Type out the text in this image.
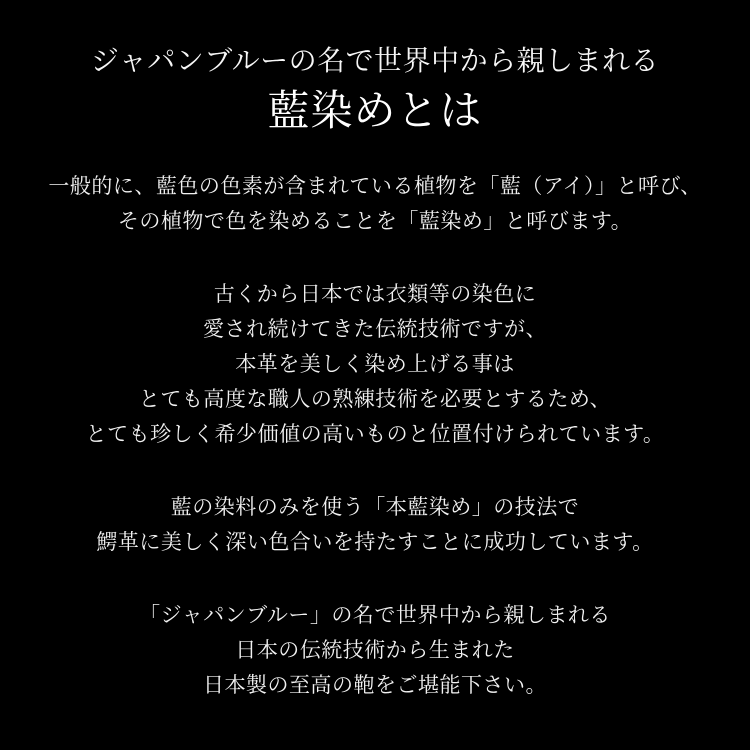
ジャパンブルーの名で世界中から親しまれる
藍染めとは
一般的に、藍色の色素が含まれている植物を「藍（アイ）」と呼び、
その植物で色を染めることを「藍染め」と呼びます。
古くから日本では衣類等の染色に
愛され続けてきた伝統技術ですが、
本革を美しく染め上げる事は
とても高度な職人の熟練技術を必要とするため、
とても珍しく希少価値の高いものと位置付けられています。
藍の染料のみを使う「本藍染め」の技法で
鰐革に美しく深い色合いを持たすことに成功しています。
「ジャパンブルー」の名で世界中から親しまれる
日本の伝統技術から生まれた
日本製の至高の鞄をご堪能下さい。
